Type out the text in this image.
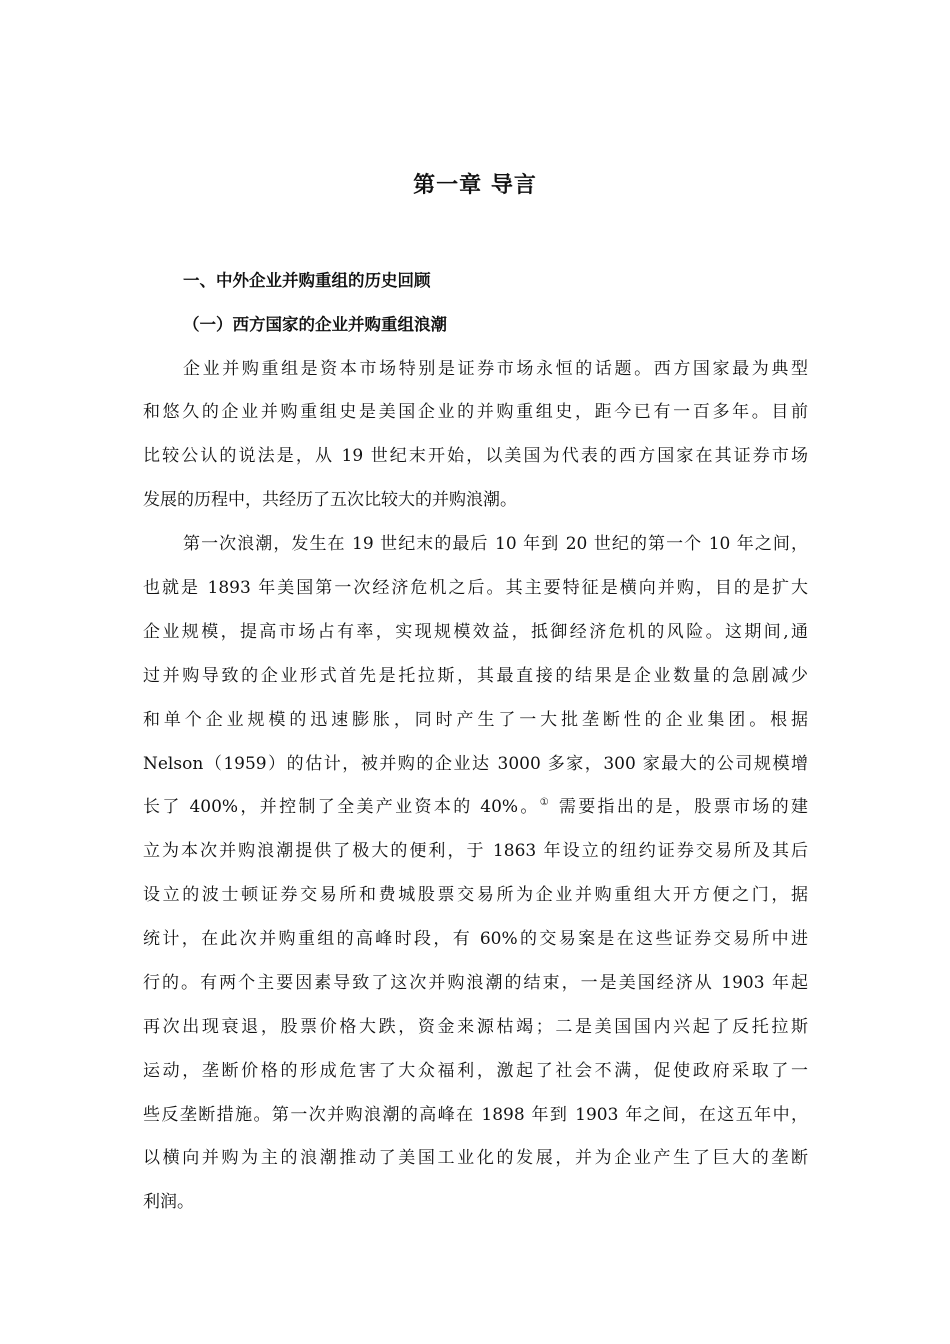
第一章 导言
一、中外企业并购重组的历史回顾
（一）西方国家的企业并购重组浪潮
企业并购重组是资本市场特别是证券市场永恒的话题。西方国家最为典型
和悠久的企业并购重组史是美国企业的并购重组史，距今已有一百多年。目前
比较公认的说法是，从 19 世纪末开始，以美国为代表的西方国家在其证券市场
发展的历程中，共经历了五次比较大的并购浪潮。
第一次浪潮，发生在 19 世纪末的最后 10 年到 20 世纪的第一个 10 年之间，
也就是 1893 年美国第一次经济危机之后。其主要特征是横向并购，目的是扩大
企业规模，提高市场占有率，实现规模效益，抵御经济危机的风险。这期间,通
过并购导致的企业形式首先是托拉斯，其最直接的结果是企业数量的急剧减少
和单个企业规模的迅速膨胀，同时产生了一大批垄断性的企业集团。根据
Nelson（1959）的估计，被并购的企业达 3000 多家，300 家最大的公司规模增
长了 400%，并控制了全美产业资本的 40%。① 需要指出的是，股票市场的建
立为本次并购浪潮提供了极大的便利，于 1863 年设立的纽约证券交易所及其后
设立的波士顿证券交易所和费城股票交易所为企业并购重组大开方便之门，据
统计，在此次并购重组的高峰时段，有 60%的交易案是在这些证券交易所中进
行的。有两个主要因素导致了这次并购浪潮的结束，一是美国经济从 1903 年起
再次出现衰退，股票价格大跌，资金来源枯竭；二是美国国内兴起了反托拉斯
运动，垄断价格的形成危害了大众福利，激起了社会不满，促使政府采取了一
些反垄断措施。第一次并购浪潮的高峰在 1898 年到 1903 年之间，在这五年中，
以横向并购为主的浪潮推动了美国工业化的发展，并为企业产生了巨大的垄断
利润。
